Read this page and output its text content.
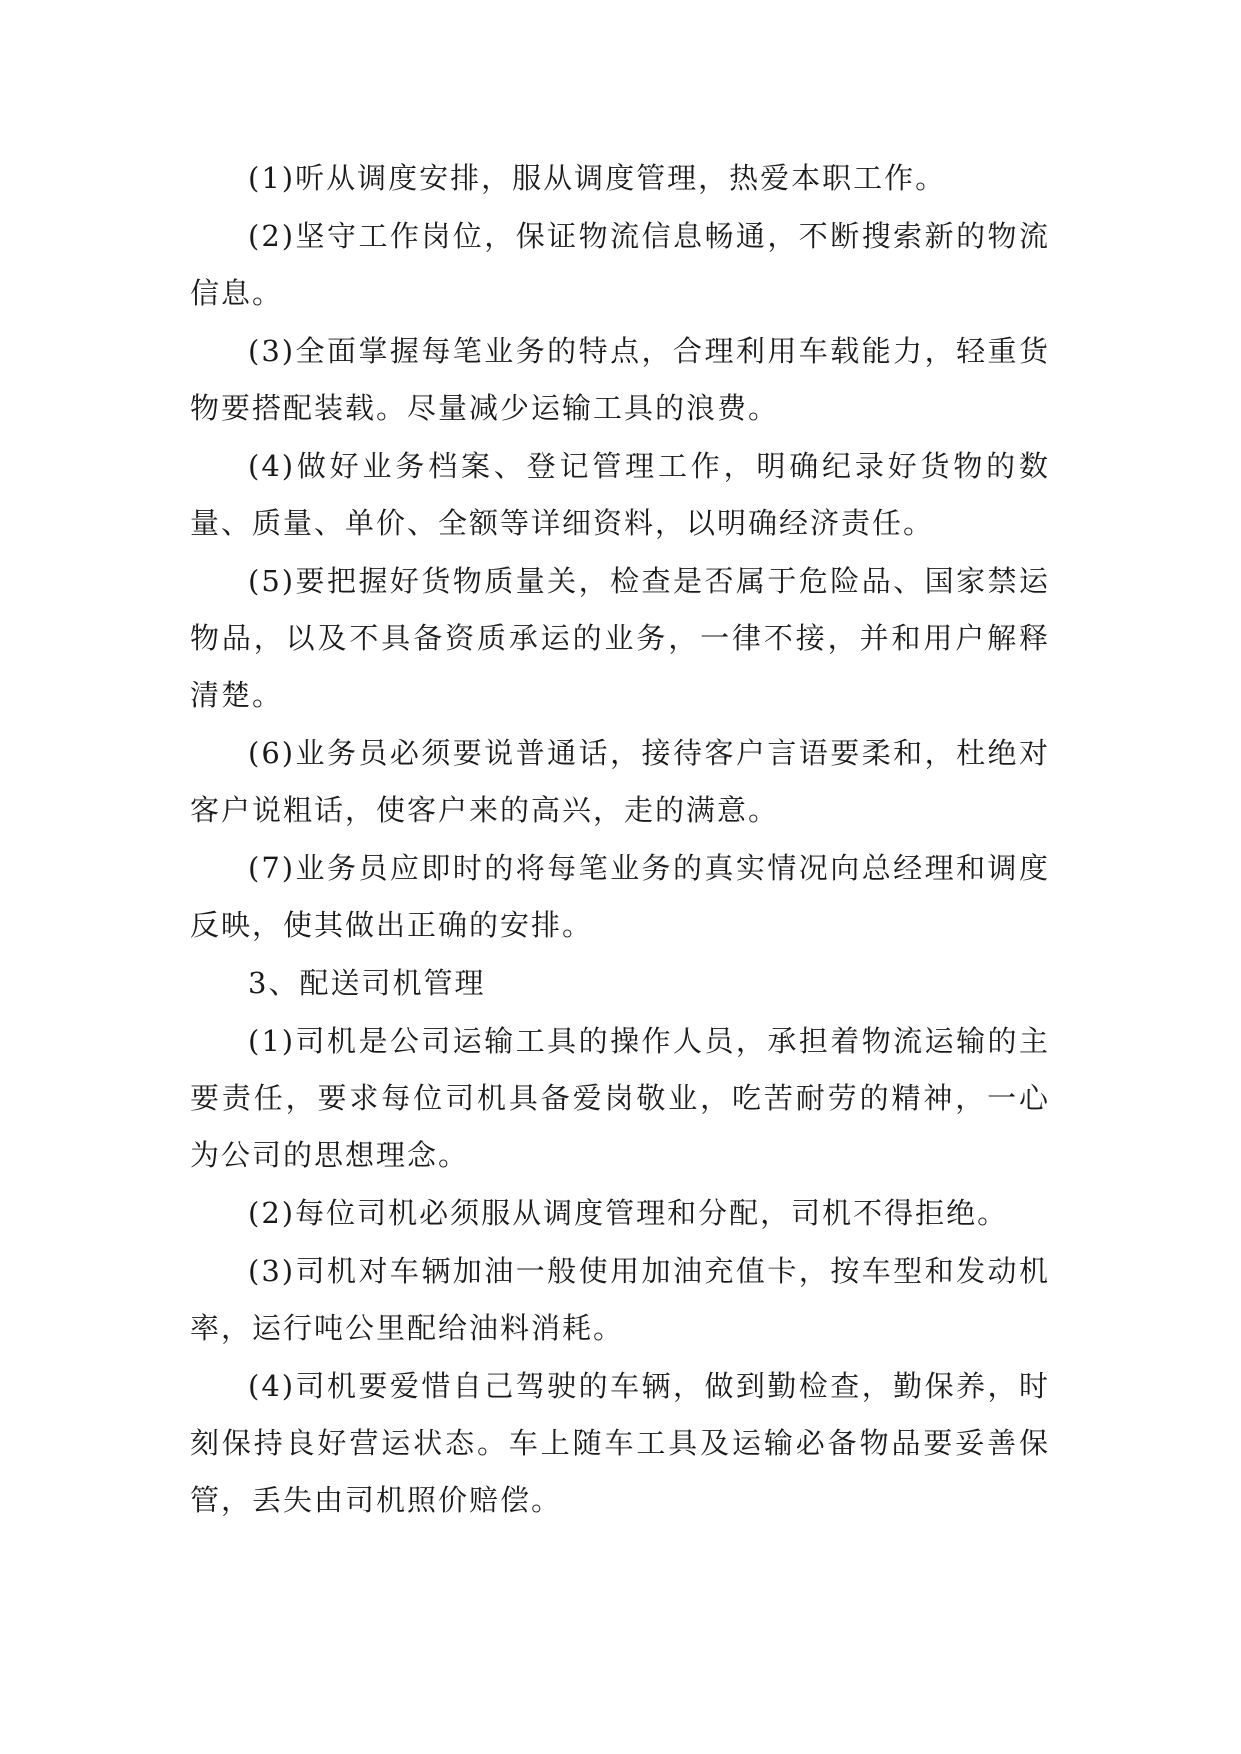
(1)听从调度安排，服从调度管理，热爱本职工作。

(2)坚守工作岗位，保证物流信息畅通，不断搜索新的物流信息。

(3)全面掌握每笔业务的特点，合理利用车载能力，轻重货物要搭配装载。尽量减少运输工具的浪费。

(4)做好业务档案、登记管理工作，明确纪录好货物的数量、质量、单价、全额等详细资料，以明确经济责任。

(5)要把握好货物质量关，检查是否属于危险品、国家禁运物品，以及不具备资质承运的业务，一律不接，并和用户解释清楚。

(6)业务员必须要说普通话，接待客户言语要柔和，杜绝对客户说粗话，使客户来的高兴，走的满意。

(7)业务员应即时的将每笔业务的真实情况向总经理和调度反映，使其做出正确的安排。

3、配送司机管理

(1)司机是公司运输工具的操作人员，承担着物流运输的主要责任，要求每位司机具备爱岗敬业，吃苦耐劳的精神，一心为公司的思想理念。

(2)每位司机必须服从调度管理和分配，司机不得拒绝。

(3)司机对车辆加油一般使用加油充值卡，按车型和发动机率，运行吨公里配给油料消耗。

(4)司机要爱惜自己驾驶的车辆，做到勤检查，勤保养，时刻保持良好营运状态。车上随车工具及运输必备物品要妥善保管，丢失由司机照价赔偿。
